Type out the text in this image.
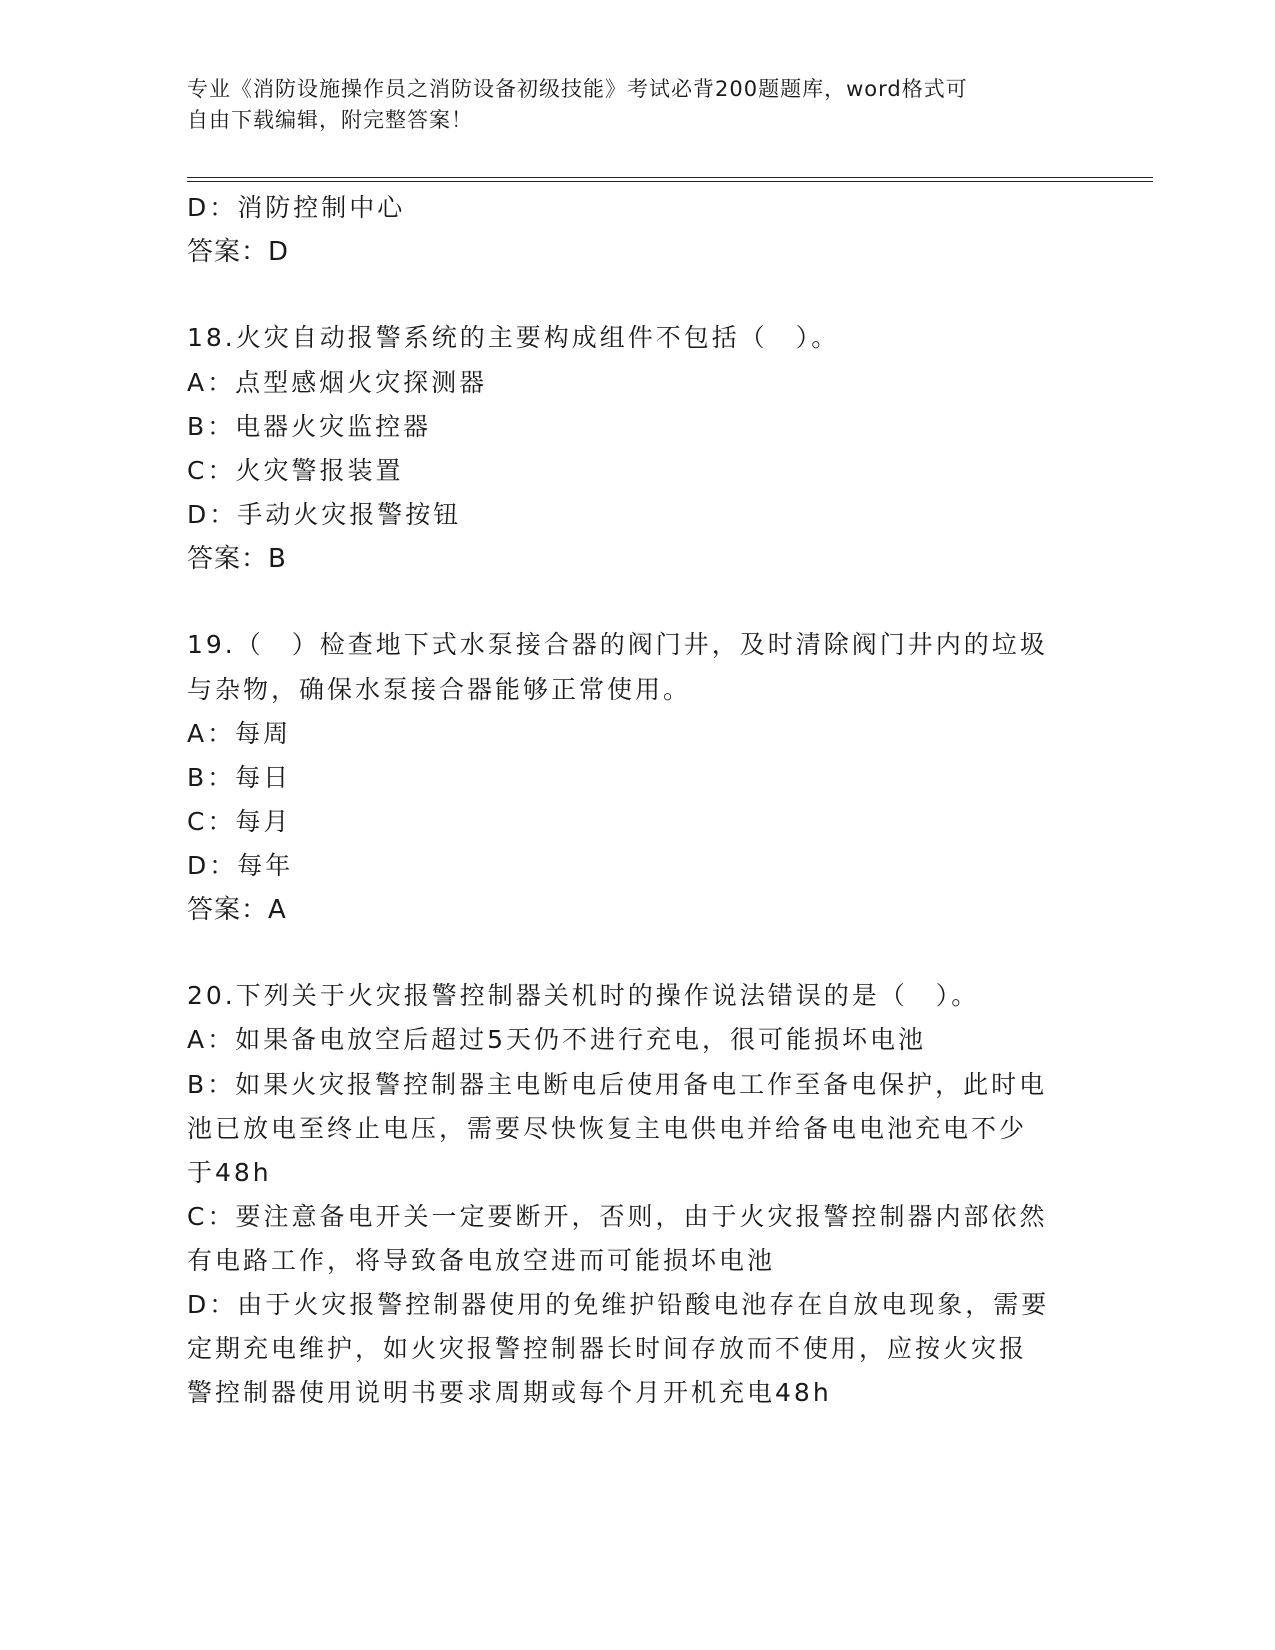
专业《消防设施操作员之消防设备初级技能》考试必背200题题库，word格式可
自由下载编辑，附完整答案！
D：消防控制中心
答案：D
18.火灾自动报警系统的主要构成组件不包括（　）。
A：点型感烟火灾探测器
B：电器火灾监控器
C：火灾警报装置
D：手动火灾报警按钮
答案：B
19.（　）检查地下式水泵接合器的阀门井，及时清除阀门井内的垃圾
与杂物，确保水泵接合器能够正常使用。
A：每周
B：每日
C：每月
D：每年
答案：A
20.下列关于火灾报警控制器关机时的操作说法错误的是（　）。
A：如果备电放空后超过5天仍不进行充电，很可能损坏电池
B：如果火灾报警控制器主电断电后使用备电工作至备电保护，此时电
池已放电至终止电压，需要尽快恢复主电供电并给备电电池充电不少
于48h
C：要注意备电开关一定要断开，否则，由于火灾报警控制器内部依然
有电路工作，将导致备电放空进而可能损坏电池
D：由于火灾报警控制器使用的免维护铅酸电池存在自放电现象，需要
定期充电维护，如火灾报警控制器长时间存放而不使用，应按火灾报
警控制器使用说明书要求周期或每个月开机充电48h
